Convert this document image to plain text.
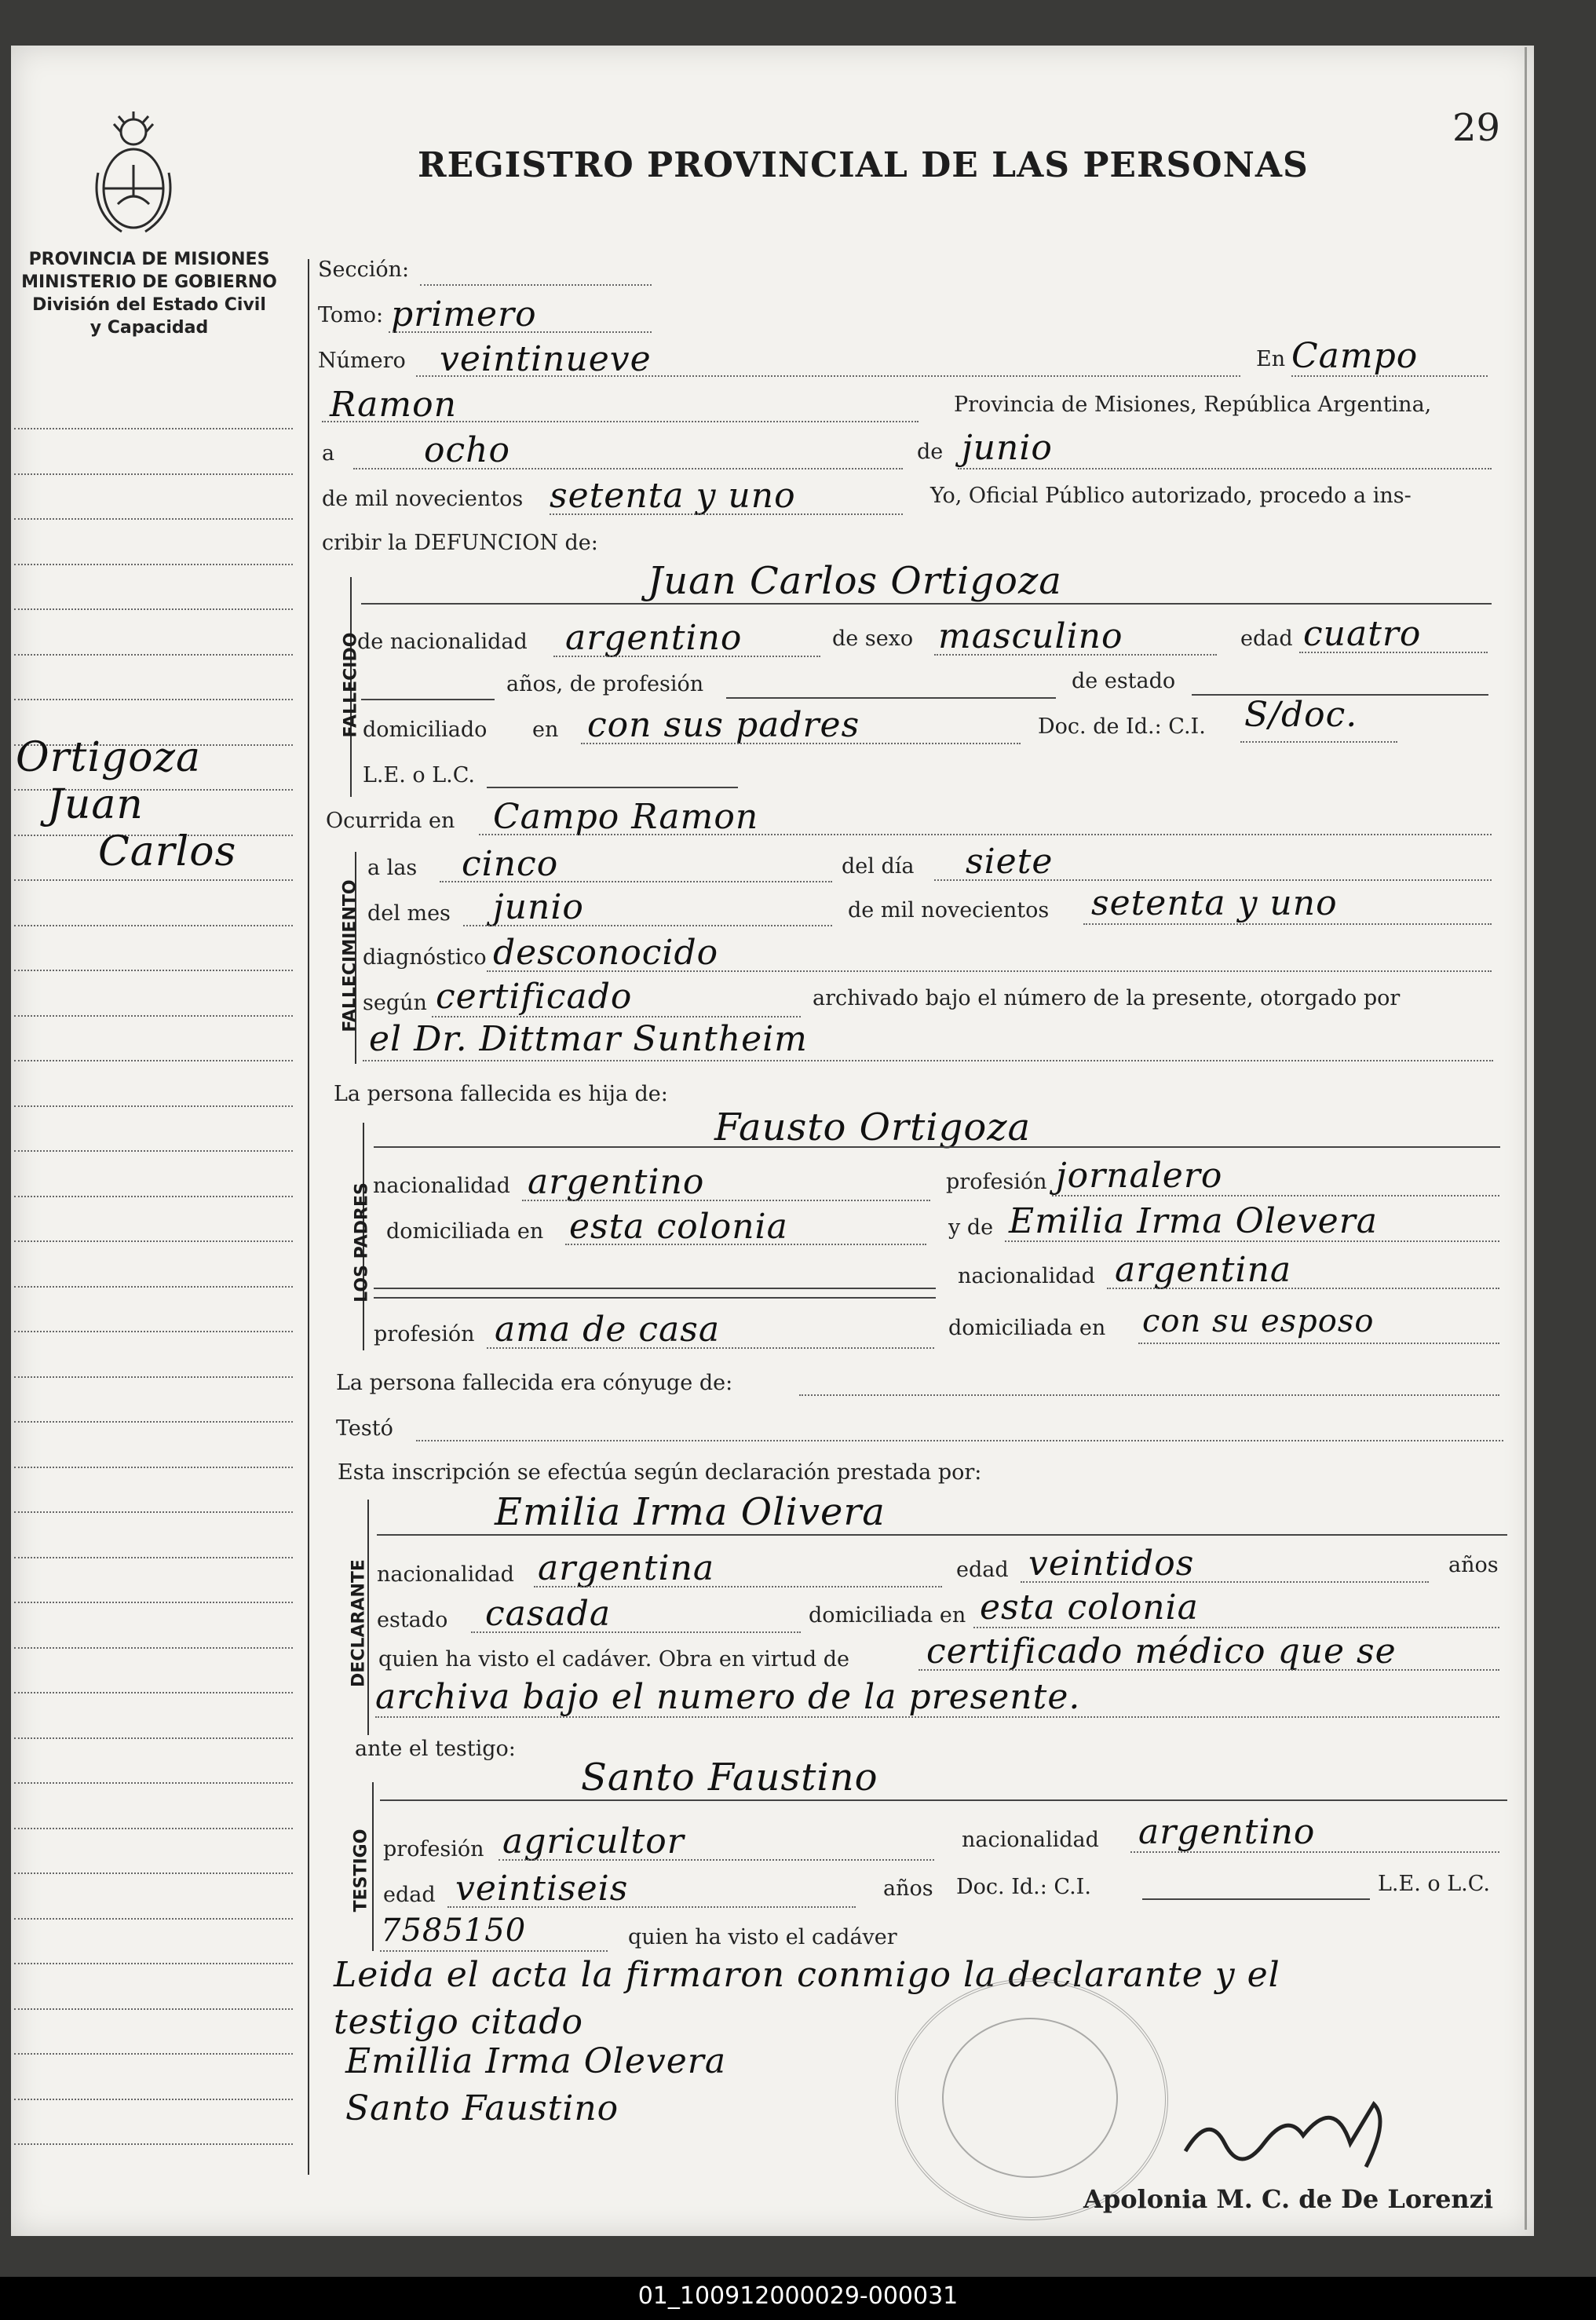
REGISTRO PROVINCIAL DE LAS PERSONAS
29
PROVINCIA DE MISIONES
MINISTERIO DE GOBIERNO
División del Estado Civil
y Capacidad
Ortigoza
Juan
Carlos
Sección:
Tomo: primero
Número veintinueve	En Campo
Ramon	Provincia de Misiones, República Argentina,
a	ocho	de junio
de mil novecientos setenta y uno	Yo, Oficial Público autorizado, procedo a ins-
cribir la DEFUNCION de:
FALLECIDO
Juan Carlos Ortigoza
de nacionalidad argentino	de sexo masculino	edad cuatro
años, de profesión	de estado
domiciliado en con sus padres	Doc. de Id.: C.I. S/doc.
L.E. o L.C.
Ocurrida en Campo Ramon
FALLECIMIENTO
a las cinco	del día siete
del mes junio	de mil novecientos setenta y uno
diagnóstico desconocido
según certificado	archivado bajo el número de la presente, otorgado por
el Dr. Dittmar Suntheim
La persona fallecida es hija de:
LOS PADRES
Fausto Ortigoza
nacionalidad argentino	profesión jornalero
domiciliada en esta colonia	y de Emilia Irma Olevera
nacionalidad argentina
profesión ama de casa	domiciliada en con su esposo
La persona fallecida era cónyuge de:
Testó
Esta inscripción se efectúa según declaración prestada por:
DECLARANTE
Emilia Irma Olivera
nacionalidad argentina	edad veintidos	años
estado casada	domiciliada en esta colonia
quien ha visto el cadáver. Obra en virtud de certificado médico que se
archiva bajo el numero de la presente.
ante el testigo:
TESTIGO
Santo Faustino
profesión agricultor	nacionalidad argentino
edad veintiseis	años Doc. Id.: C.I.	L.E. o L.C.
7585150	quien ha visto el cadáver
Leida el acta la firmaron conmigo la declarante y el
testigo citado
Emillia Irma Olevera
Santo Faustino
Apolonia M. C. de De Lorenzi
01_100912000029-000031
